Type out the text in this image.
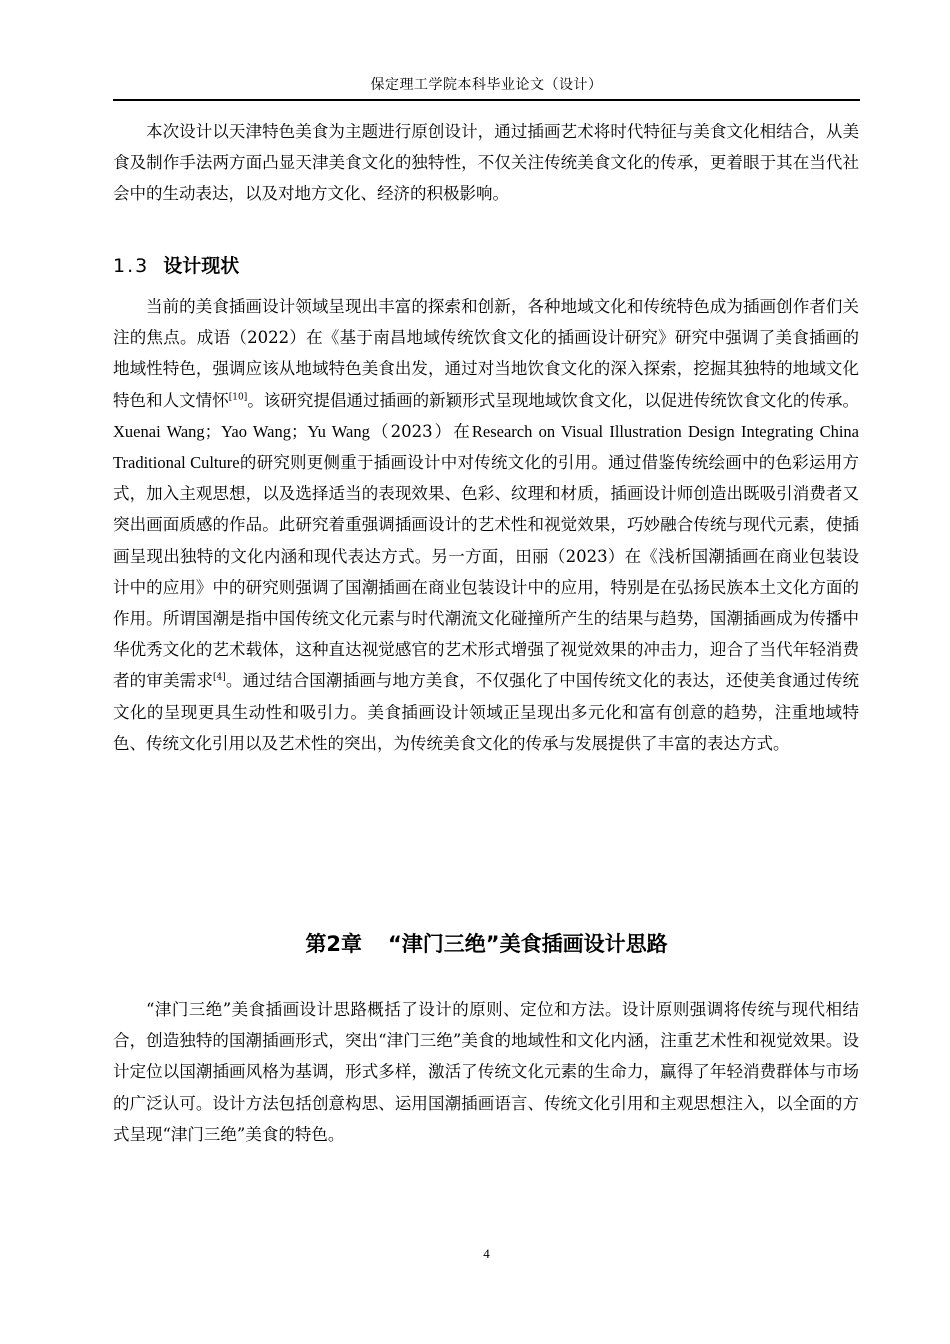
保定理工学院本科毕业论文（设计）

本次设计以天津特色美食为主题进行原创设计，通过插画艺术将时代特征与美食文化相结合，从美食及制作手法两方面凸显天津美食文化的独特性，不仅关注传统美食文化的传承，更着眼于其在当代社会中的生动表达，以及对地方文化、经济的积极影响。

1.3 设计现状

当前的美食插画设计领域呈现出丰富的探索和创新，各种地域文化和传统特色成为插画创作者们关注的焦点。成语（2022）在《基于南昌地域传统饮食文化的插画设计研究》研究中强调了美食插画的地域性特色，强调应该从地域特色美食出发，通过对当地饮食文化的深入探索，挖掘其独特的地域文化特色和人文情怀[10]。该研究提倡通过插画的新颖形式呈现地域饮食文化，以促进传统饮食文化的传承。Xuenai Wang；Yao Wang；Yu Wang（2023）在Research on Visual Illustration Design Integrating China Traditional Culture的研究则更侧重于插画设计中对传统文化的引用。通过借鉴传统绘画中的色彩运用方式，加入主观思想，以及选择适当的表现效果、色彩、纹理和材质，插画设计师创造出既吸引消费者又突出画面质感的作品。此研究着重强调插画设计的艺术性和视觉效果，巧妙融合传统与现代元素，使插画呈现出独特的文化内涵和现代表达方式。另一方面，田丽（2023）在《浅析国潮插画在商业包装设计中的应用》中的研究则强调了国潮插画在商业包装设计中的应用，特别是在弘扬民族本土文化方面的作用。所谓国潮是指中国传统文化元素与时代潮流文化碰撞所产生的结果与趋势，国潮插画成为传播中华优秀文化的艺术载体，这种直达视觉感官的艺术形式增强了视觉效果的冲击力，迎合了当代年轻消费者的审美需求[4]。通过结合国潮插画与地方美食，不仅强化了中国传统文化的表达，还使美食通过传统文化的呈现更具生动性和吸引力。美食插画设计领域正呈现出多元化和富有创意的趋势，注重地域特色、传统文化引用以及艺术性的突出，为传统美食文化的传承与发展提供了丰富的表达方式。

第2章 “津门三绝”美食插画设计思路

“津门三绝”美食插画设计思路概括了设计的原则、定位和方法。设计原则强调将传统与现代相结合，创造独特的国潮插画形式，突出“津门三绝”美食的地域性和文化内涵，注重艺术性和视觉效果。设计定位以国潮插画风格为基调，形式多样，激活了传统文化元素的生命力，赢得了年轻消费群体与市场的广泛认可。设计方法包括创意构思、运用国潮插画语言、传统文化引用和主观思想注入，以全面的方式呈现“津门三绝”美食的特色。

4
